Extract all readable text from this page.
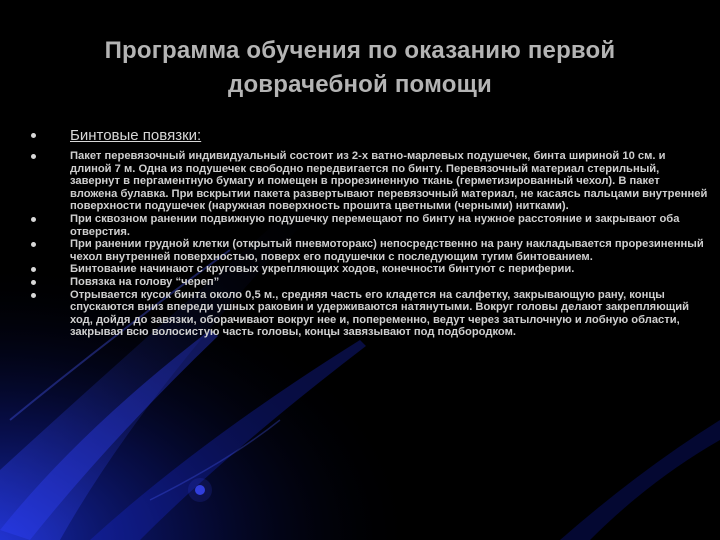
Программа обучения по оказанию первой
доврачебной помощи
Бинтовые повязки:
Пакет перевязочный индивидуальный состоит из 2-х ватно-марлевых подушечек, бинта шириной 10 см. и длиной 7 м. Одна из подушечек свободно передвигается по бинту. Перевязочный материал стерильный, завернут в пергаментную бумагу и помещен в прорезиненную ткань (герметизированный чехол). В пакет вложена булавка. При вскрытии пакета развертывают перевязочный материал, не касаясь пальцами внутренней поверхности подушечек (наружная поверхность прошита цветными (черными) нитками).
При сквозном ранении подвижную подушечку перемещают по бинту на нужное расстояние и закрывают оба отверстия.
При ранении грудной клетки (открытый пневмоторакс) непосредственно на рану накладывается прорезиненный чехол внутренней поверхностью, поверх его подушечки с последующим тугим бинтованием.
Бинтование начинают с круговых укрепляющих ходов, конечности бинтуют с периферии.
Повязка на голову “череп”
Отрывается кусок бинта около 0,5 м., средняя часть его кладется на салфетку, закрывающую рану, концы спускаются вниз впереди ушных раковин и удерживаются натянутыми. Вокруг головы делают закрепляющий ход, дойдя до завязки, оборачивают вокруг нее и, попеременно, ведут через затылочную и лобную области, закрывая всю волосистую часть головы, концы завязывают под подбородком.
